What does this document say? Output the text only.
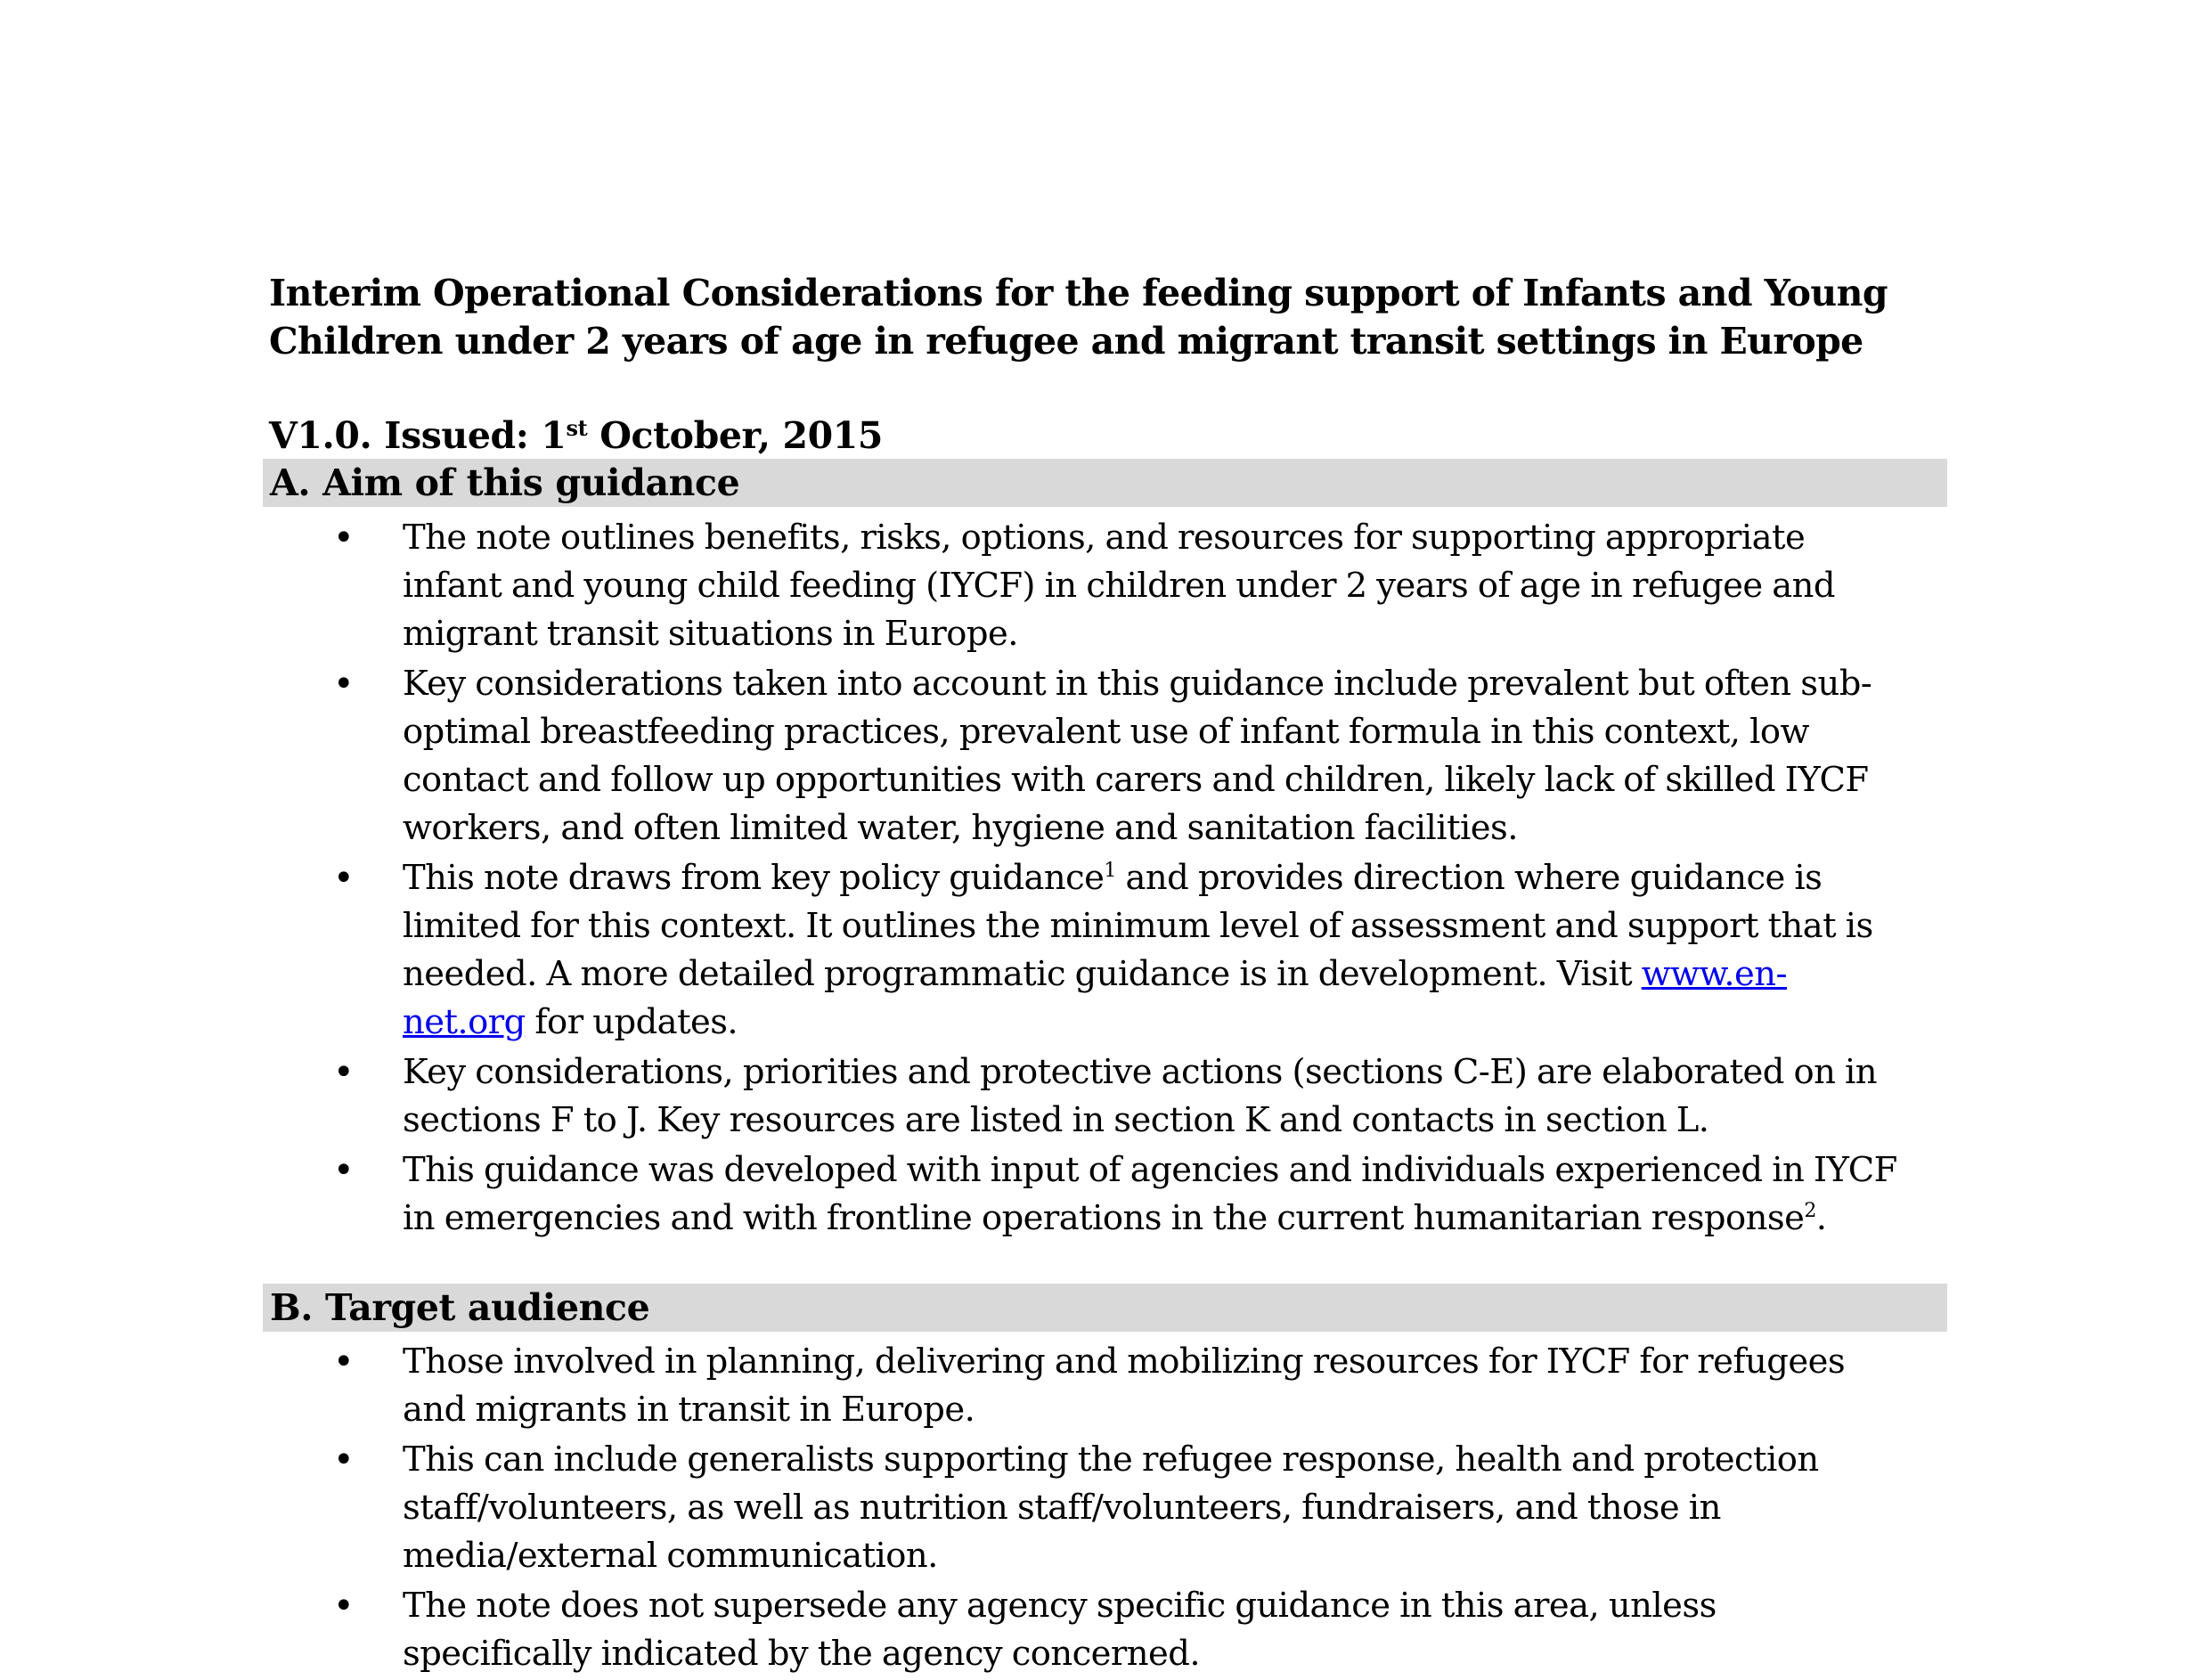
Interim Operational Considerations for the feeding support of Infants and Young
Children under 2 years of age in refugee and migrant transit settings in Europe
V1.0. Issued: 1st October, 2015
A. Aim of this guidance
• The note outlines benefits, risks, options, and resources for supporting appropriate
infant and young child feeding (IYCF) in children under 2 years of age in refugee and
migrant transit situations in Europe.
• Key considerations taken into account in this guidance include prevalent but often sub-
optimal breastfeeding practices, prevalent use of infant formula in this context, low
contact and follow up opportunities with carers and children, likely lack of skilled IYCF
workers, and often limited water, hygiene and sanitation facilities.
• This note draws from key policy guidance$^1$ and provides direction where guidance is
limited for this context. It outlines the minimum level of assessment and support that is
needed. A more detailed programmatic guidance is in development. Visit www.en-
net.org for updates.
• Key considerations, priorities and protective actions (sections C-E) are elaborated on in
sections F to J. Key resources are listed in section K and contacts in section L.
• This guidance was developed with input of agencies and individuals experienced in IYCF
in emergencies and with frontline operations in the current humanitarian response$^2$.
B. Target audience
• Those involved in planning, delivering and mobilizing resources for IYCF for refugees
and migrants in transit in Europe.
• This can include generalists supporting the refugee response, health and protection
staff/volunteers, as well as nutrition staff/volunteers, fundraisers, and those in
media/external communication.
• The note does not supersede any agency specific guidance in this area, unless
specifically indicated by the agency concerned.
